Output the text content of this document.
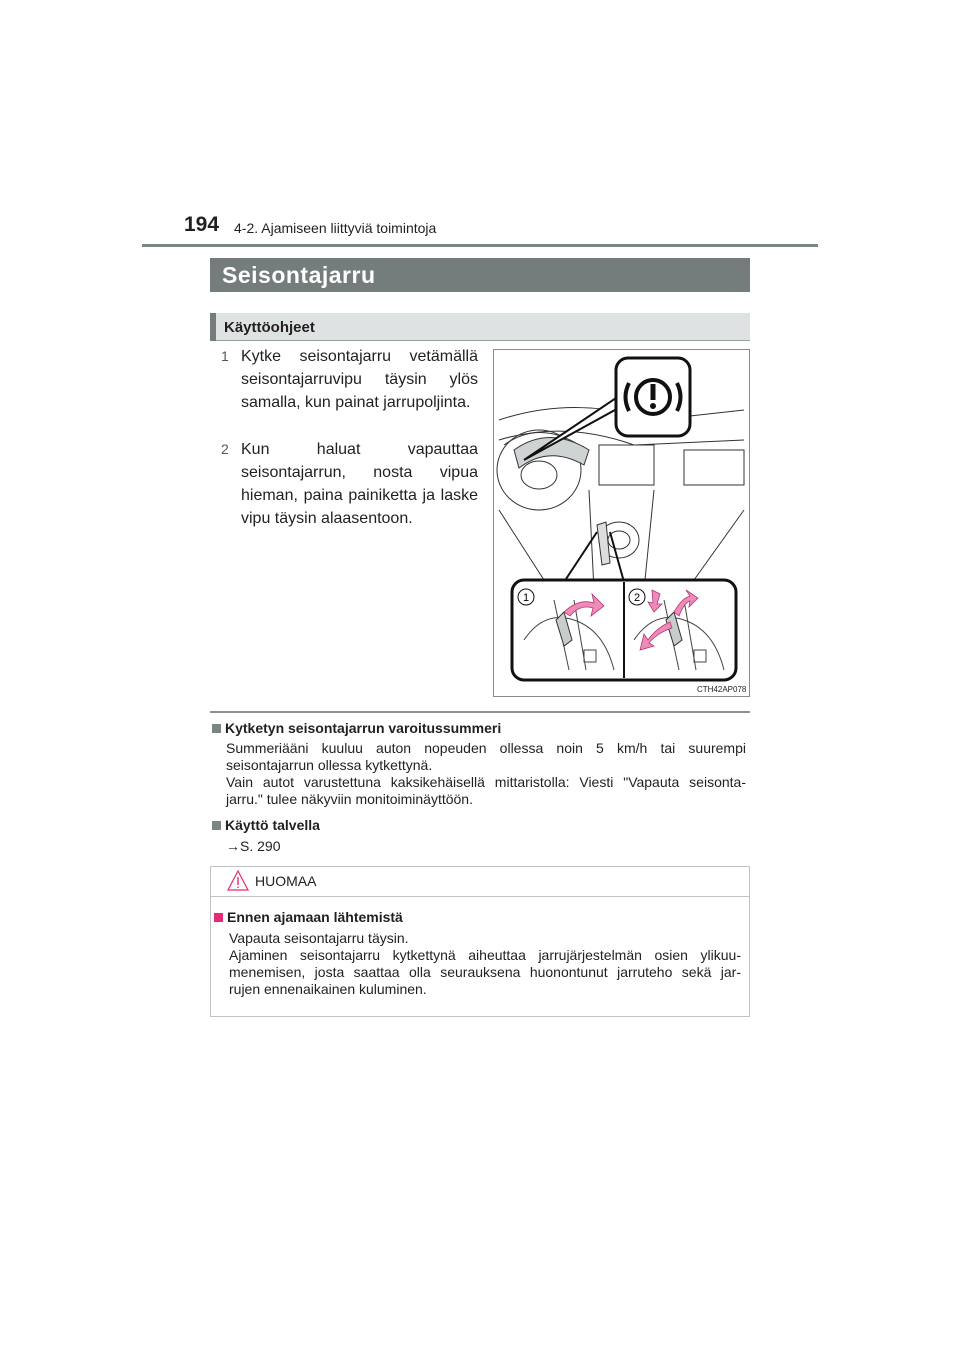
194 4-2. Ajamiseen liittyviä toimintoja
Seisontajarru
Käyttöohjeet
1 Kytke seisontajarru vetämällä seisontajarruvipu täysin ylös samalla, kun painat jarrupoljinta.
2 Kun haluat vapauttaa seisontajarrun, nosta vipua hieman, paina painiketta ja laske vipu täysin alaasentoon.
1	2
CTH42AP078
Kytketyn seisontajarrun varoitussummeri
Summeriääni kuuluu auton nopeuden ollessa noin 5 km/h tai suurempi
seisontajarrun ollessa kytkettynä.
Vain autot varustettuna kaksikehäisellä mittaristolla: Viesti "Vapauta seisonta-
jarru." tulee näkyviin monitoiminäyttöön.
Käyttö talvella
→S. 290
HUOMAA
Ennen ajamaan lähtemistä
Vapauta seisontajarru täysin.
Ajaminen seisontajarru kytkettynä aiheuttaa jarrujärjestelmän osien ylikuu-
menemisen, josta saattaa olla seurauksena huonontunut jarruteho sekä jar-
rujen ennenaikainen kuluminen.
